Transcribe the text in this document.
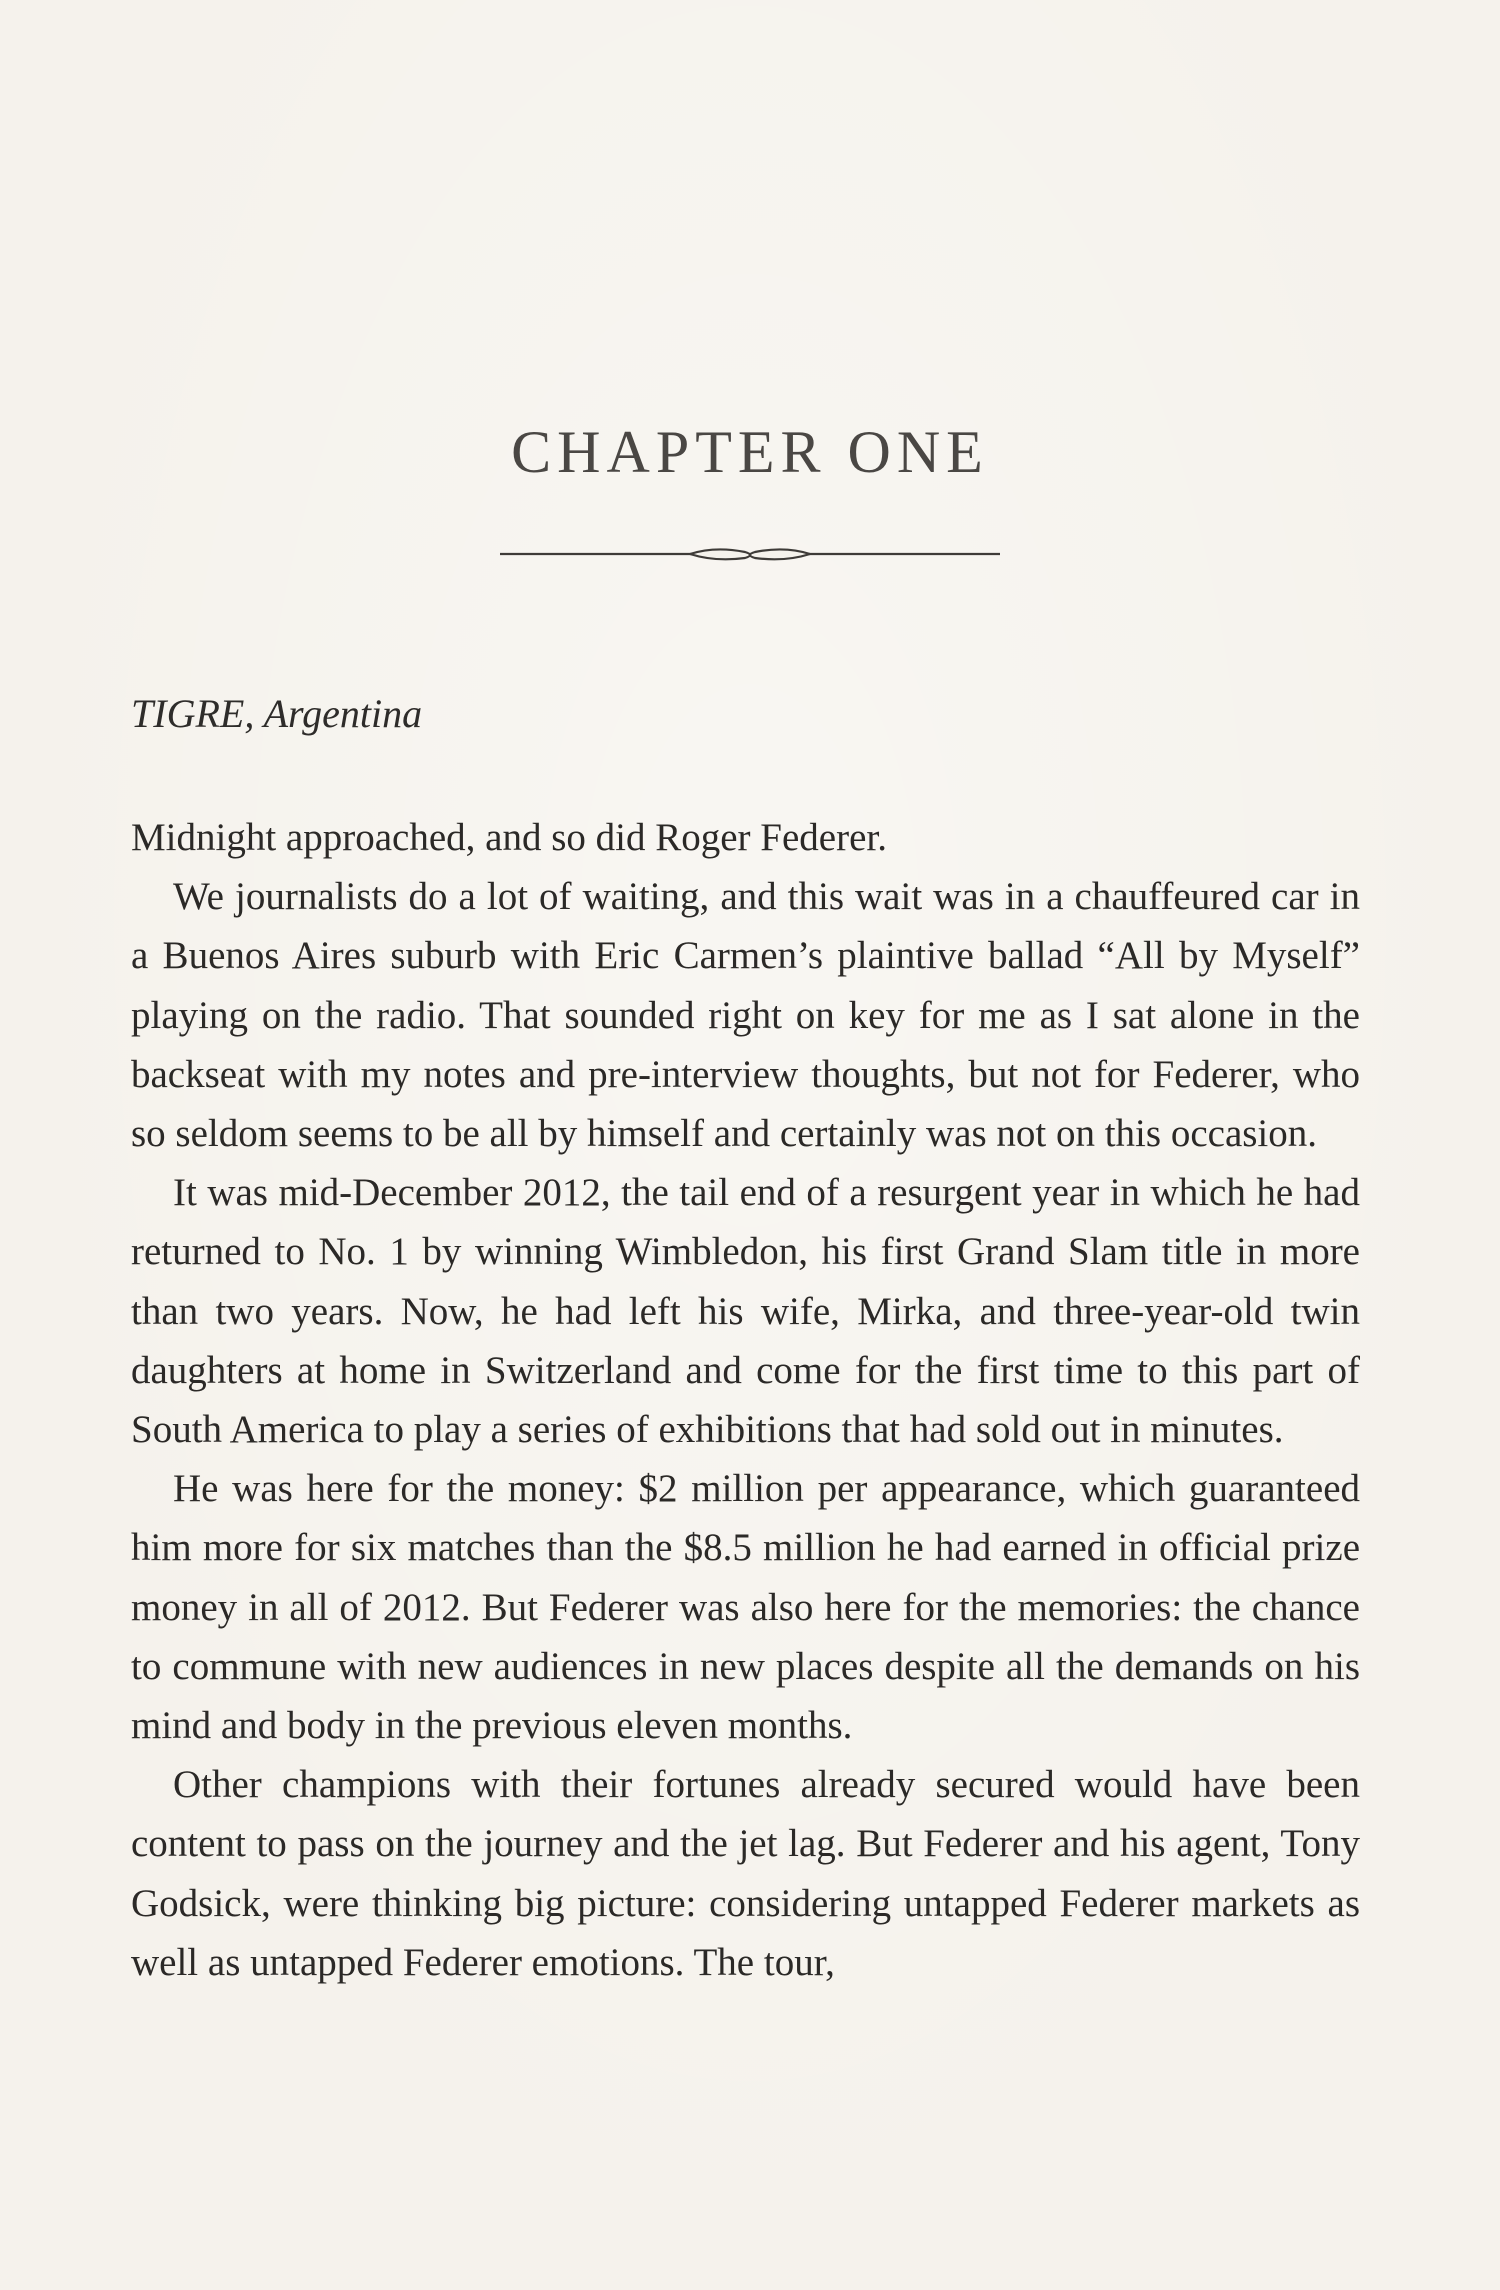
CHAPTER ONE

TIGRE, Argentina

Midnight approached, and so did Roger Federer.

We journalists do a lot of waiting, and this wait was in a chauffeured car in a Buenos Aires suburb with Eric Carmen’s plaintive ballad “All by Myself” playing on the radio. That sounded right on key for me as I sat alone in the backseat with my notes and pre-interview thoughts, but not for Federer, who so seldom seems to be all by himself and certainly was not on this occasion.

It was mid-December 2012, the tail end of a resurgent year in which he had returned to No. 1 by winning Wimbledon, his first Grand Slam title in more than two years. Now, he had left his wife, Mirka, and three-year-old twin daughters at home in Switzerland and come for the first time to this part of South America to play a series of exhibitions that had sold out in minutes.

He was here for the money: $2 million per appearance, which guaranteed him more for six matches than the $8.5 million he had earned in official prize money in all of 2012. But Federer was also here for the memories: the chance to commune with new audiences in new places despite all the demands on his mind and body in the previous eleven months.

Other champions with their fortunes already secured would have been content to pass on the journey and the jet lag. But Federer and his agent, Tony Godsick, were thinking big picture: considering untapped Federer markets as well as untapped Federer emotions. The tour,
